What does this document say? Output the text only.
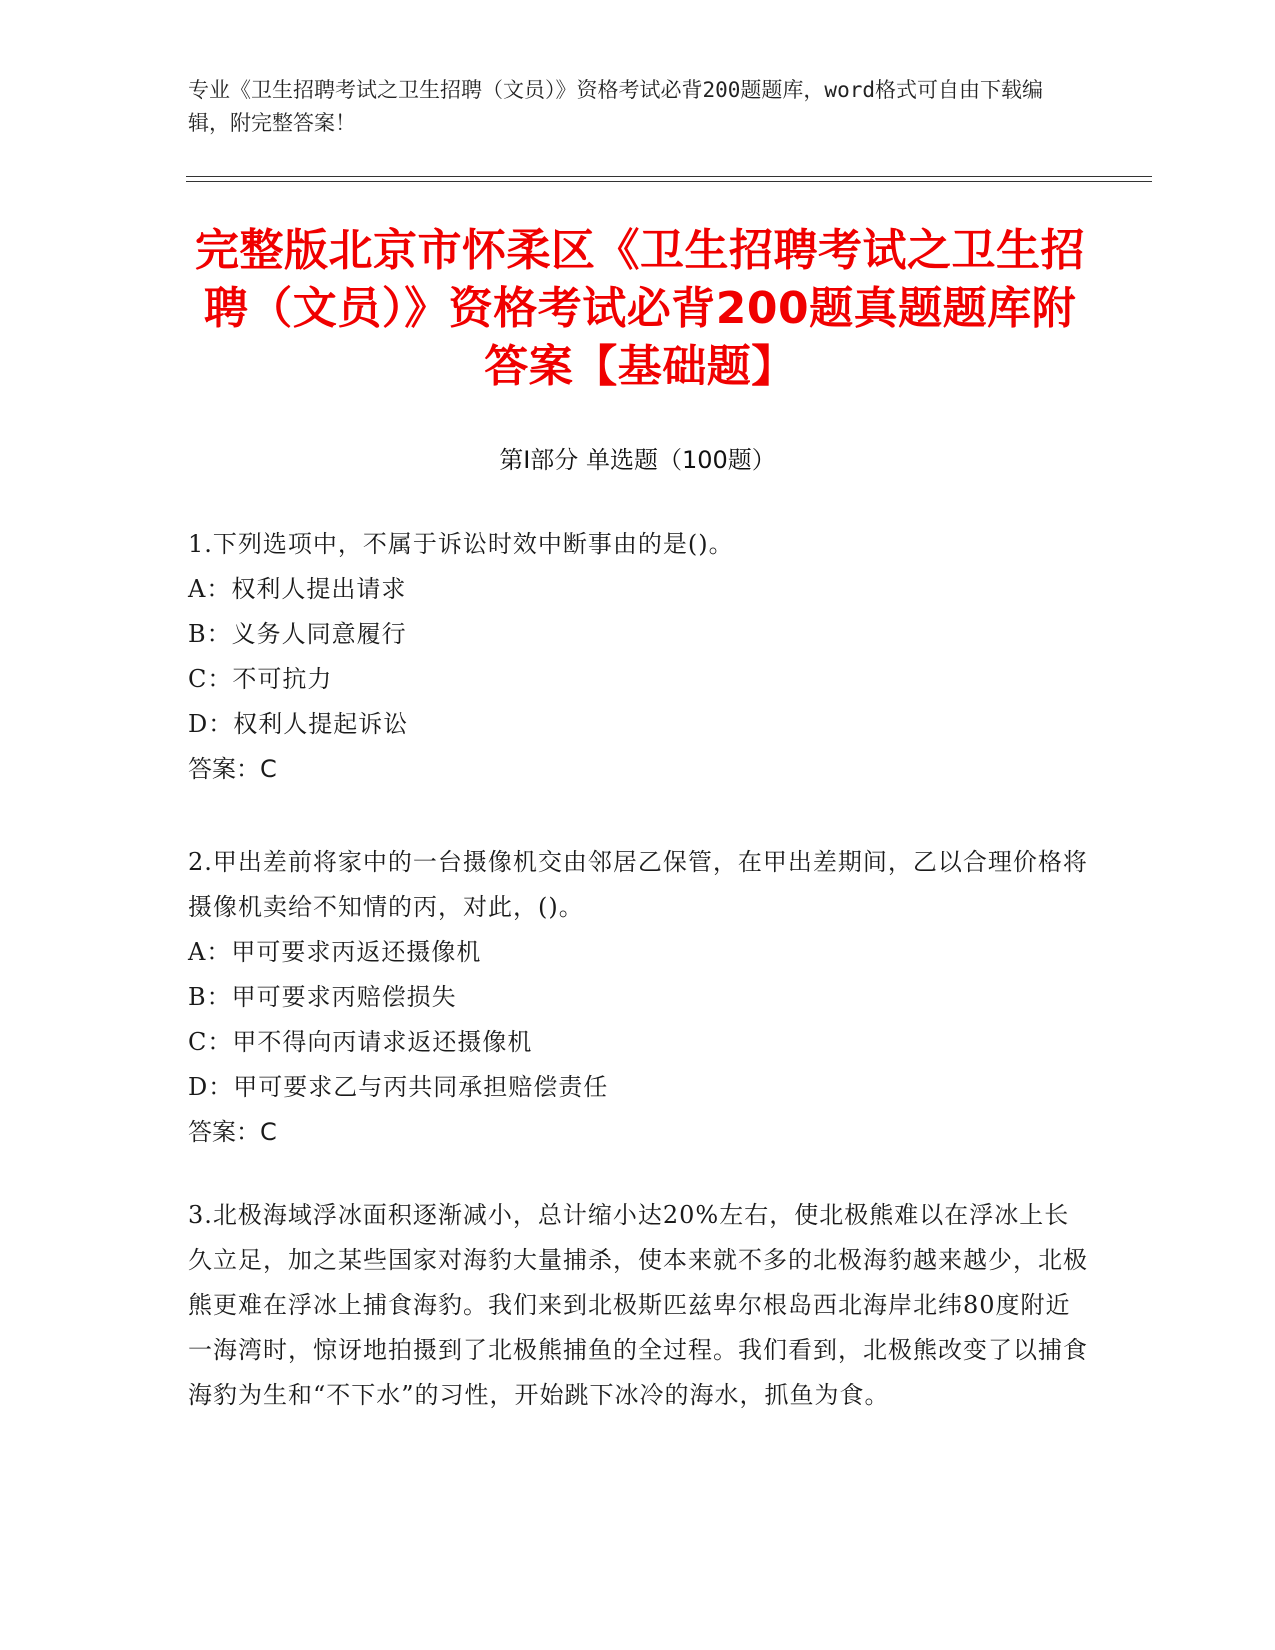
专业《卫生招聘考试之卫生招聘（文员）》资格考试必背200题题库，word格式可自由下载编辑，附完整答案！
完整版北京市怀柔区《卫生招聘考试之卫生招聘（文员）》资格考试必背200题真题题库附答案【基础题】
第Ⅰ部分 单选题（100题）
1.下列选项中，不属于诉讼时效中断事由的是()。
A：权利人提出请求
B：义务人同意履行
C：不可抗力
D：权利人提起诉讼
答案：C
2.甲出差前将家中的一台摄像机交由邻居乙保管，在甲出差期间，乙以合理价格将摄像机卖给不知情的丙，对此，()。
A：甲可要求丙返还摄像机
B：甲可要求丙赔偿损失
C：甲不得向丙请求返还摄像机
D：甲可要求乙与丙共同承担赔偿责任
答案：C
3.北极海域浮冰面积逐渐减小，总计缩小达20%左右，使北极熊难以在浮冰上长久立足，加之某些国家对海豹大量捕杀，使本来就不多的北极海豹越来越少，北极熊更难在浮冰上捕食海豹。我们来到北极斯匹兹卑尔根岛西北海岸北纬80度附近一海湾时，惊讶地拍摄到了北极熊捕鱼的全过程。我们看到，北极熊改变了以捕食海豹为生和“不下水”的习性，开始跳下冰冷的海水，抓鱼为食。
